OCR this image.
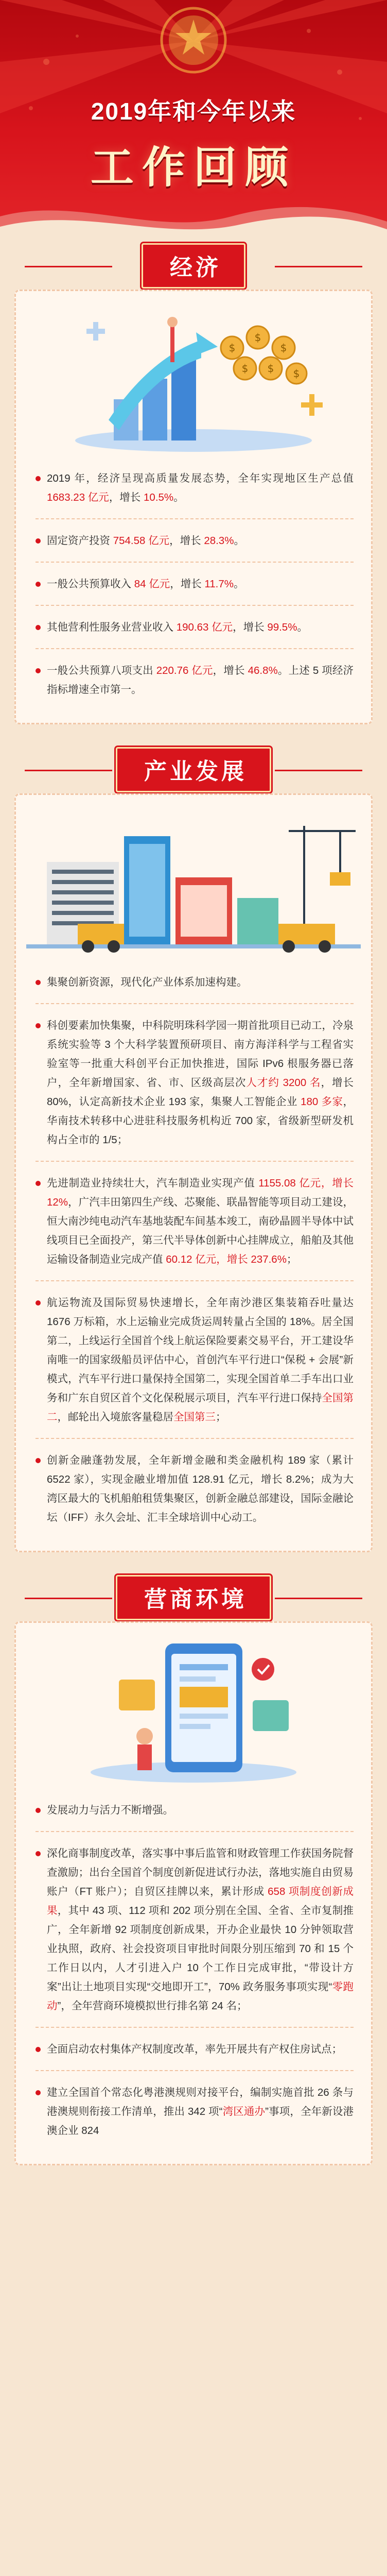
2019年和今年以来
工作回顾
经济
$
$
$
$ $ $
2019 年，经济呈现高质量发展态势，全年实现地区生产总值 1683.23 亿元，增长 10.5%。
固定资产投资 754.58 亿元，增长 28.3%。
一般公共预算收入 84 亿元，增长 11.7%。
其他营利性服务业营业收入 190.63 亿元，增长 99.5%。
一般公共预算八项支出 220.76 亿元，增长 46.8%。上述 5 项经济指标增速全市第一。
产业发展
集聚创新资源，现代化产业体系加速构建。
科创要素加快集聚，中科院明珠科学园一期首批项目已动工，冷泉系统实验等 3 个大科学装置预研项目、南方海洋科学与工程省实验室等一批重大科创平台正加快推进，国际 IPv6 根服务器已落户，全年新增国家、省、市、区级高层次人才约 3200 名，增长 80%，认定高新技术企业 193 家，集聚人工智能企业 180 多家，华南技术转移中心进驻科技服务机构近 700 家，省级新型研发机构占全市的 1/5；
先进制造业持续壮大，汽车制造业实现产值 1155.08 亿元，增长 12%，广汽丰田第四生产线、芯聚能、联晶智能等项目动工建设，恒大南沙纯电动汽车基地装配车间基本竣工，南砂晶圆半导体中试线项目已全面投产，第三代半导体创新中心挂牌成立，船舶及其他运输设备制造业完成产值 60.12 亿元，增长 237.6%；
航运物流及国际贸易快速增长，全年南沙港区集装箱吞吐量达 1676 万标箱，水上运输业完成货运周转量占全国的 18%。居全国第二，上线运行全国首个线上航运保险要素交易平台，开工建设华南唯一的国家级船员评估中心，首创汽车平行进口“保税 + 会展”新模式，汽车平行进口量保持全国第二，实现全国首单二手车出口业务和广东自贸区首个文化保税展示项目，汽车平行进口保持全国第二，邮轮出入境旅客量稳居全国第三；
创新金融蓬勃发展，全年新增金融和类金融机构 189 家（累计 6522 家），实现金融业增加值 128.91 亿元，增长 8.2%；成为大湾区最大的飞机船舶租赁集聚区，创新金融总部建设，国际金融论坛（IFF）永久会址、汇丰全球培训中心动工。
营商环境
发展动力与活力不断增强。
深化商事制度改革，落实事中事后监管和财政管理工作获国务院督查激励；出台全国首个制度创新促进试行办法，落地实施自由贸易账户（FT 账户）；自贸区挂牌以来，累计形成 658 项制度创新成果，其中 43 项、112 项和 202 项分别在全国、全省、全市复制推广，全年新增 92 项制度创新成果，开办企业最快 10 分钟领取营业执照，政府、社会投资项目审批时间限分别压缩到 70 和 15 个工作日以内，人才引进入户 10 个工作日完成审批，“带设计方案”出让土地项目实现“交地即开工”，70% 政务服务事项实现“零跑动”，全年营商环境模拟世行排名第 24 名；
全面启动农村集体产权制度改革，率先开展共有产权住房试点；
建立全国首个常态化粤港澳规则对接平台，编制实施首批 26 条与港澳规则衔接工作清单，推出 342 项“湾区通办”事项，全年新设港澳企业 824
